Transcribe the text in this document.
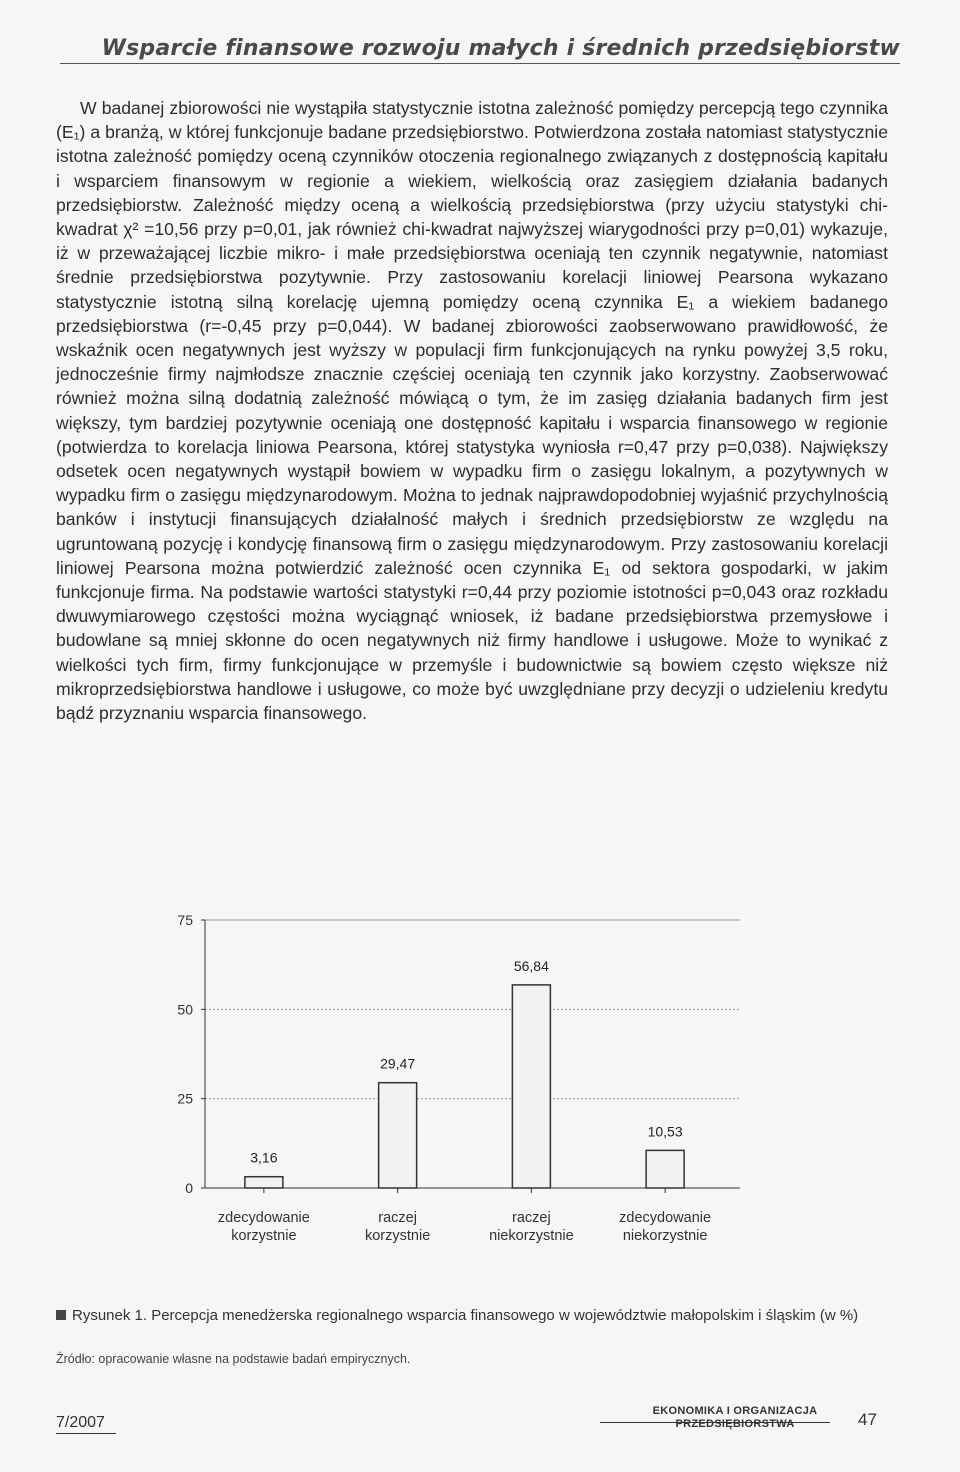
Wsparcie finansowe rozwoju małych i średnich przedsiębiorstw

W badanej zbiorowości nie wystąpiła statystycznie istotna zależność pomiędzy percepcją tego czynnika (E₁) a branżą, w której funkcjonuje badane przedsiębiorstwo. Potwierdzona została natomiast statystycznie istotna zależność pomiędzy oceną czynników otoczenia regionalnego związanych z dostępnością kapitału i wsparciem finansowym w regionie a wiekiem, wielkością oraz zasięgiem działania badanych przedsiębiorstw. Zależność między oceną a wielkością przedsiębiorstwa (przy użyciu statystyki chi-kwadrat χ² =10,56 przy p=0,01, jak również chi-kwadrat najwyższej wiarygodności przy p=0,01) wykazuje, iż w przeważającej liczbie mikro- i małe przedsiębiorstwa oceniają ten czynnik negatywnie, natomiast średnie przedsiębiorstwa pozytywnie. Przy zastosowaniu korelacji liniowej Pearsona wykazano statystycznie istotną silną korelację ujemną pomiędzy oceną czynnika E₁ a wiekiem badanego przedsiębiorstwa (r=-0,45 przy p=0,044). W badanej zbiorowości zaobserwowano prawidłowość, że wskaźnik ocen negatywnych jest wyższy w populacji firm funkcjonujących na rynku powyżej 3,5 roku, jednocześnie firmy najmłodsze znacznie częściej oceniają ten czynnik jako korzystny. Zaobserwować również można silną dodatnią zależność mówiącą o tym, że im zasięg działania badanych firm jest większy, tym bardziej pozytywnie oceniają one dostępność kapitału i wsparcia finansowego w regionie (potwierdza to korelacja liniowa Pearsona, której statystyka wyniosła r=0,47 przy p=0,038). Największy odsetek ocen negatywnych wystąpił bowiem w wypadku firm o zasięgu lokalnym, a pozytywnych w wypadku firm o zasięgu międzynarodowym. Można to jednak najprawdopodobniej wyjaśnić przychylnością banków i instytucji finansujących działalność małych i średnich przedsiębiorstw ze względu na ugruntowaną pozycję i kondycję finansową firm o zasięgu międzynarodowym. Przy zastosowaniu korelacji liniowej Pearsona można potwierdzić zależność ocen czynnika E₁ od sektora gospodarki, w jakim funkcjonuje firma. Na podstawie wartości statystyki r=0,44 przy poziomie istotności p=0,043 oraz rozkładu dwuwymiarowego częstości można wyciągnąć wniosek, iż badane przedsiębiorstwa przemysłowe i budowlane są mniej skłonne do ocen negatywnych niż firmy handlowe i usługowe. Może to wynikać z wielkości tych firm, firmy funkcjonujące w przemyśle i budownictwie są bowiem często większe niż mikroprzedsiębiorstwa handlowe i usługowe, co może być uwzględniane przy decyzji o udzieleniu kredytu bądź przyznaniu wsparcia finansowego.

0
25
50
75
3,16
zdecydowanie
korzystnie
29,47
raczej
korzystnie
56,84
raczej
niekorzystnie
10,53
zdecydowanie
niekorzystnie
Rysunek 1. Percepcja menedżerska regionalnego wsparcia finansowego w województwie małopolskim i śląskim (w %)
Źródło: opracowanie własne na podstawie badań empirycznych.
7/2007
EKONOMIKA I ORGANIZACJA
PRZEDSIĘBIORSTWA	47
